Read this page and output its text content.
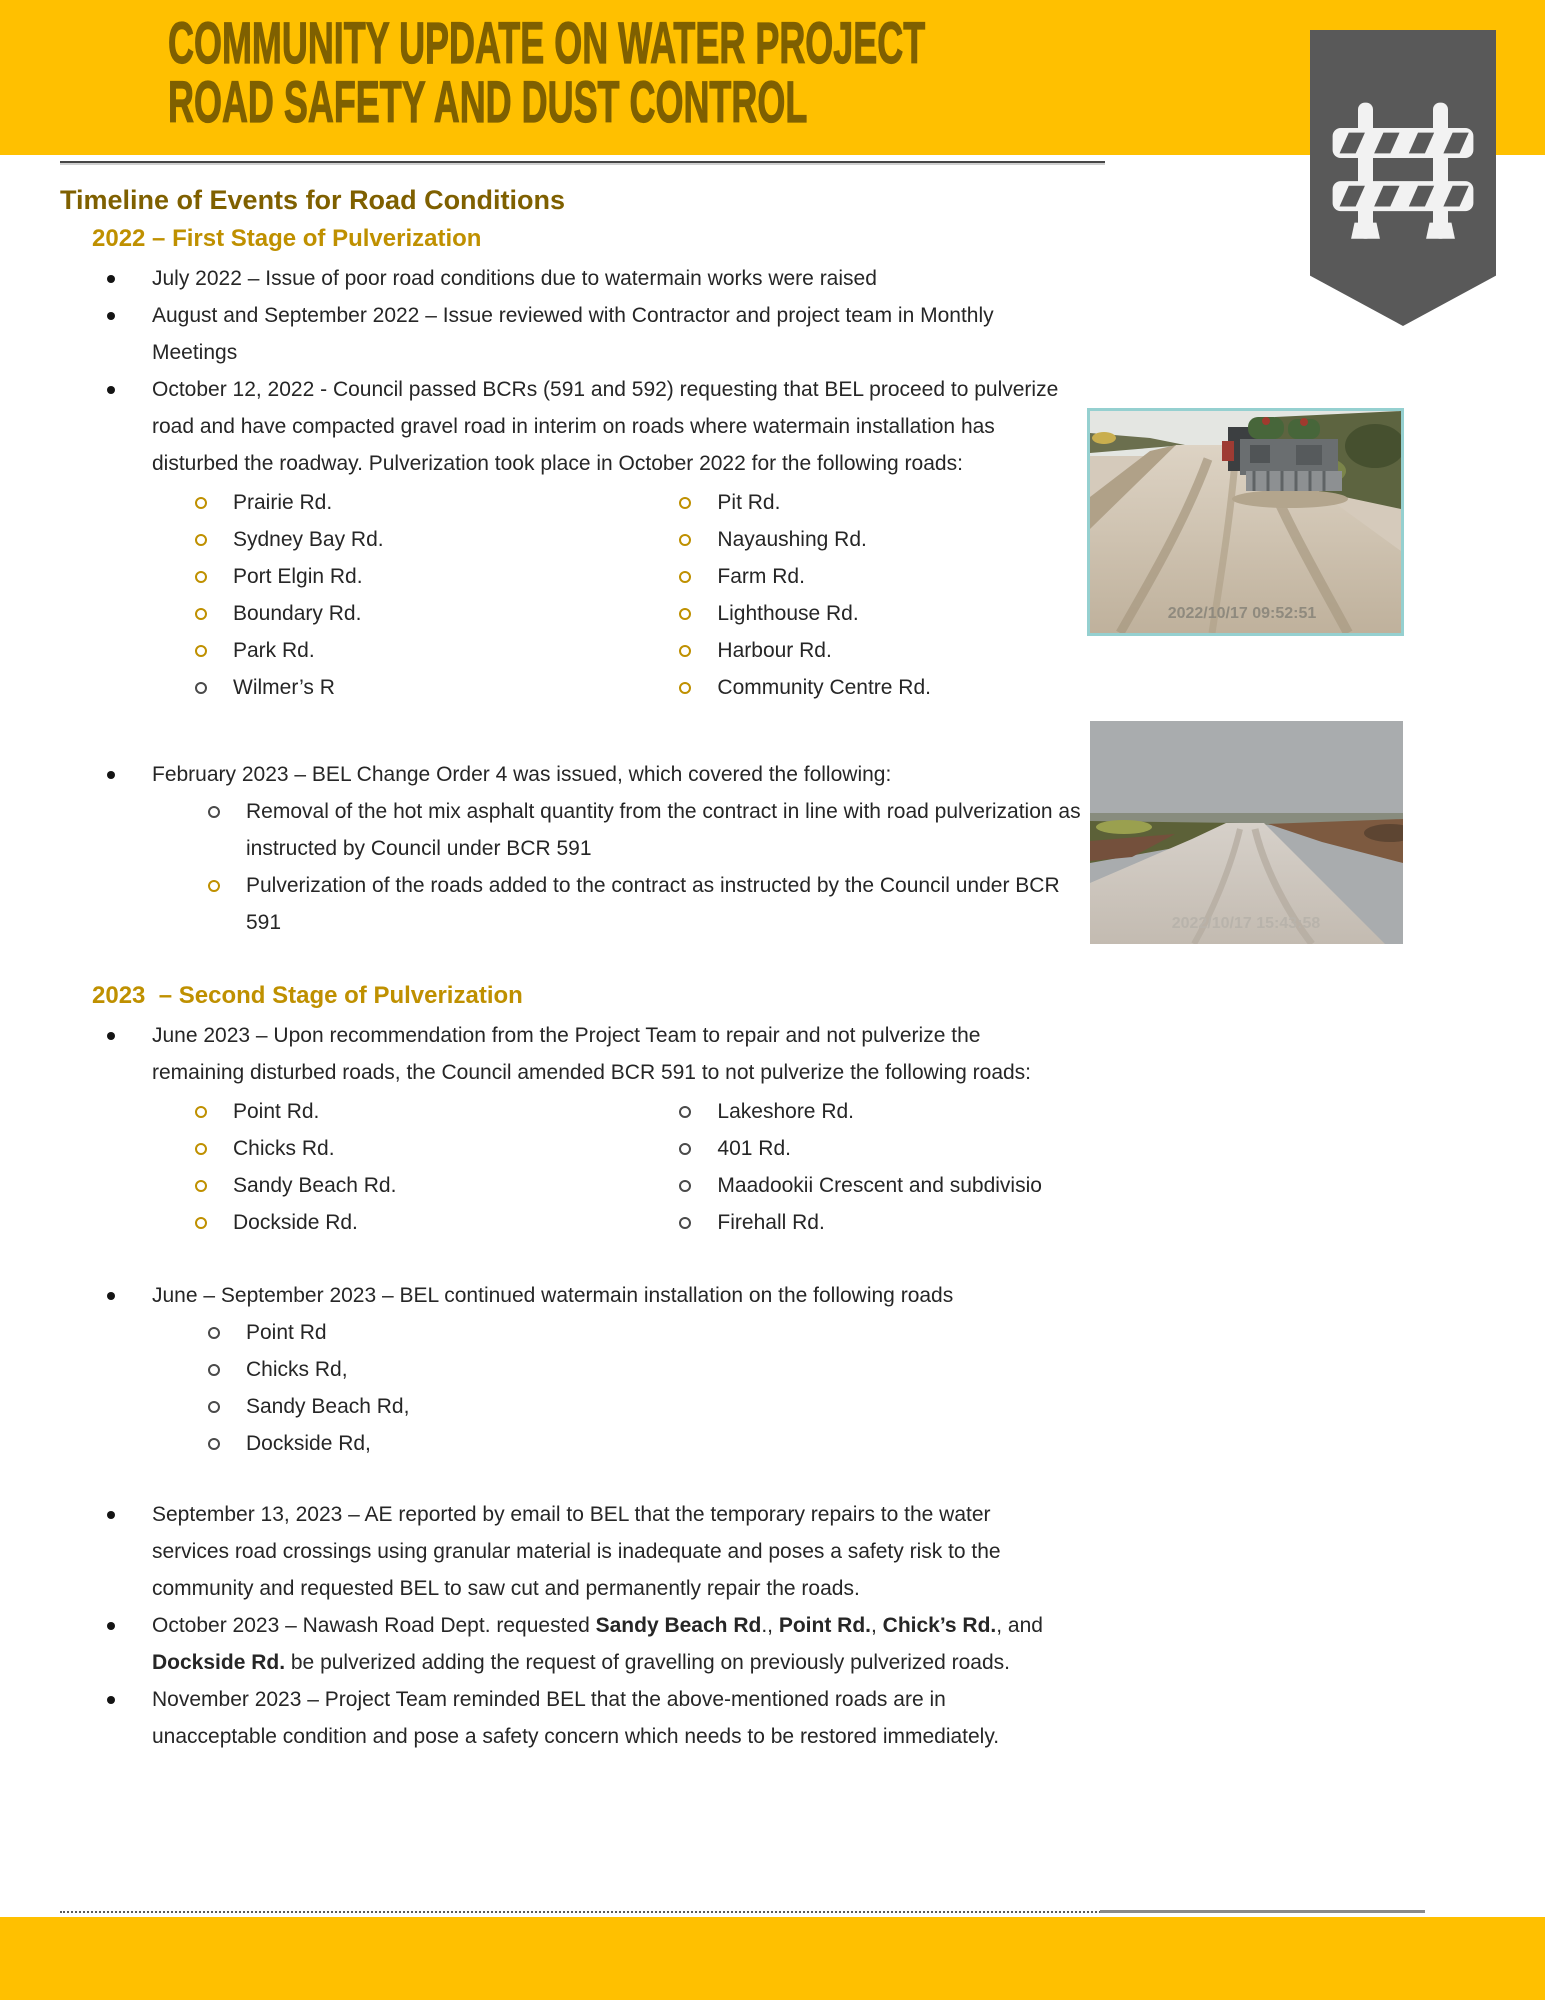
COMMUNITY UPDATE ON WATER PROJECT
ROAD SAFETY AND DUST CONTROL
2022/10/17 09:52:51
2022/10/17 15:43:58
Timeline of Events for Road Conditions
2022 – First Stage of Pulverization
July 2022 – Issue of poor road conditions due to watermain works were raised
August and September 2022 – Issue reviewed with Contractor and project team in Monthly Meetings
October 12, 2022 - Council passed BCRs (591 and 592) requesting that BEL proceed to pulverize road and have compacted gravel road in interim on roads where watermain installation has disturbed the roadway. Pulverization took place in October 2022 for the following roads:
Prairie Rd.
Sydney Bay Rd.
Port Elgin Rd.
Boundary Rd.
Park Rd.
Wilmer’s R
Pit Rd.
Nayaushing Rd.
Farm Rd.
Lighthouse Rd.
Harbour Rd.
Community Centre Rd.
February 2023 – BEL Change Order 4 was issued, which covered the following:
Removal of the hot mix asphalt quantity from the contract in line with road pulverization as instructed by Council under BCR 591
Pulverization of the roads added to the contract as instructed by the Council under BCR 591
2023  – Second Stage of Pulverization
June 2023 – Upon recommendation from the Project Team to repair and not pulverize the remaining disturbed roads, the Council amended BCR 591 to not pulverize the following roads:
Point Rd.
Chicks Rd.
Sandy Beach Rd.
Dockside Rd.
Lakeshore Rd.
401 Rd.
Maadookii Crescent and subdivisio
Firehall Rd.
June – September 2023 – BEL continued watermain installation on the following roads
Point Rd
Chicks Rd,
Sandy Beach Rd,
Dockside Rd,
September 13, 2023 – AE reported by email to BEL that the temporary repairs to the water services road crossings using granular material is inadequate and poses a safety risk to the community and requested BEL to saw cut and permanently repair the roads.
October 2023 – Nawash Road Dept. requested Sandy Beach Rd., Point Rd., Chick’s Rd., and Dockside Rd. be pulverized adding the request of gravelling on previously pulverized roads.
November 2023 – Project Team reminded BEL that the above-mentioned roads are in unacceptable condition and pose a safety concern which needs to be restored immediately.
